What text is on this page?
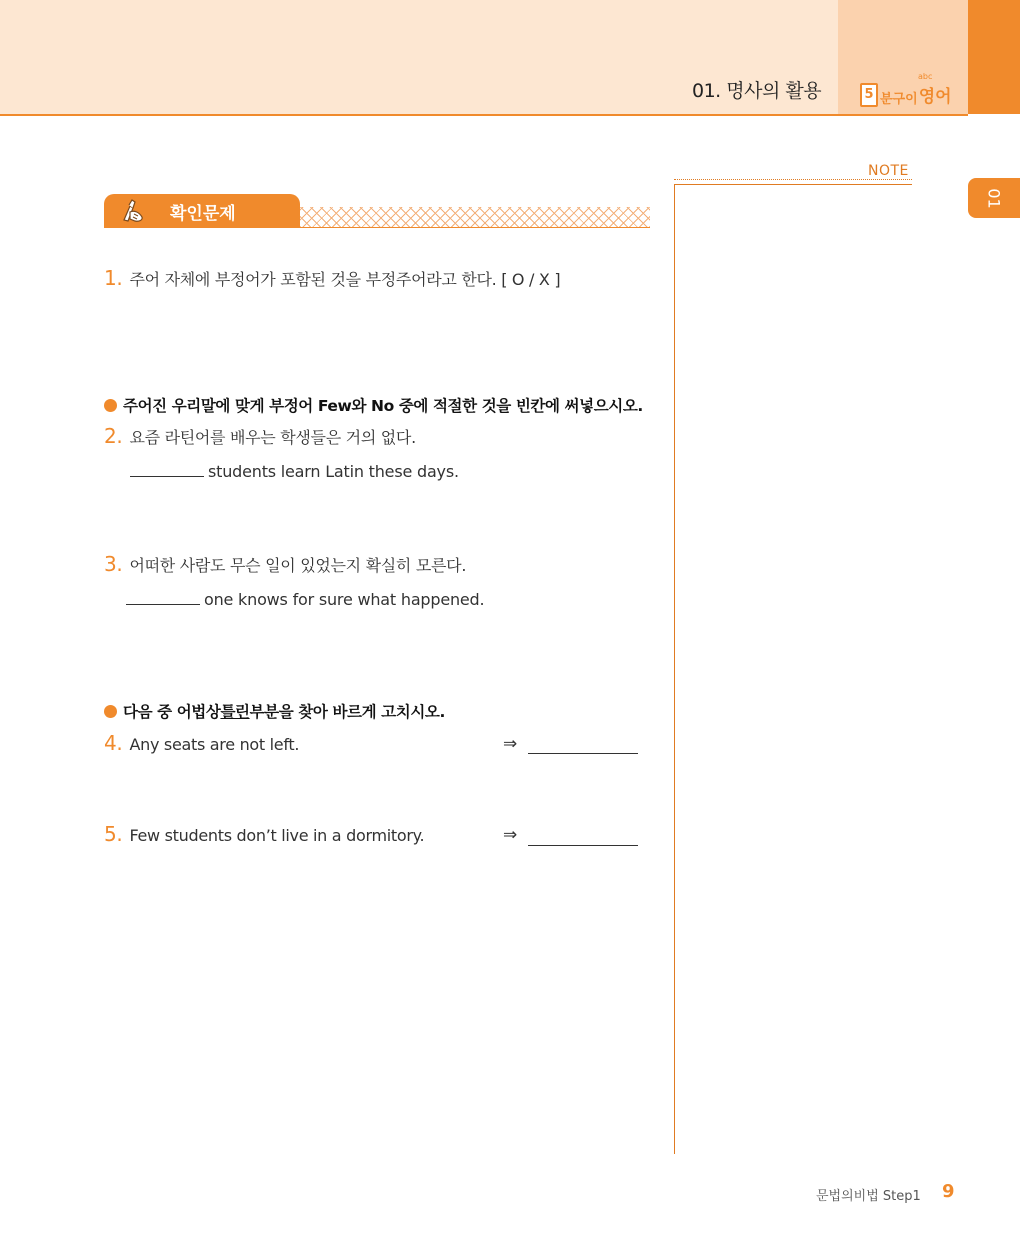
01. 명사의 활용
abc
5 분구이 영어
01
NOTE
확인문제
1. 주어 자체에 부정어가 포함된 것을 부정주어라고 한다. [ O / X ]
주어진 우리말에 맞게 부정어 Few와 No 중에 적절한 것을 빈칸에 써넣으시오.
2. 요즘 라틴어를 배우는 학생들은 거의 없다.
students learn Latin these days.
3. 어떠한 사람도 무슨 일이 있었는지 확실히 모른다.
one knows for sure what happened.
다음 중 어법상 틀린 부분을 찾아 바르게 고치시오.
4. Any seats are not left.	⇒
5. Few students don’t live in a dormitory.	⇒
문법의비법 Step1 9
